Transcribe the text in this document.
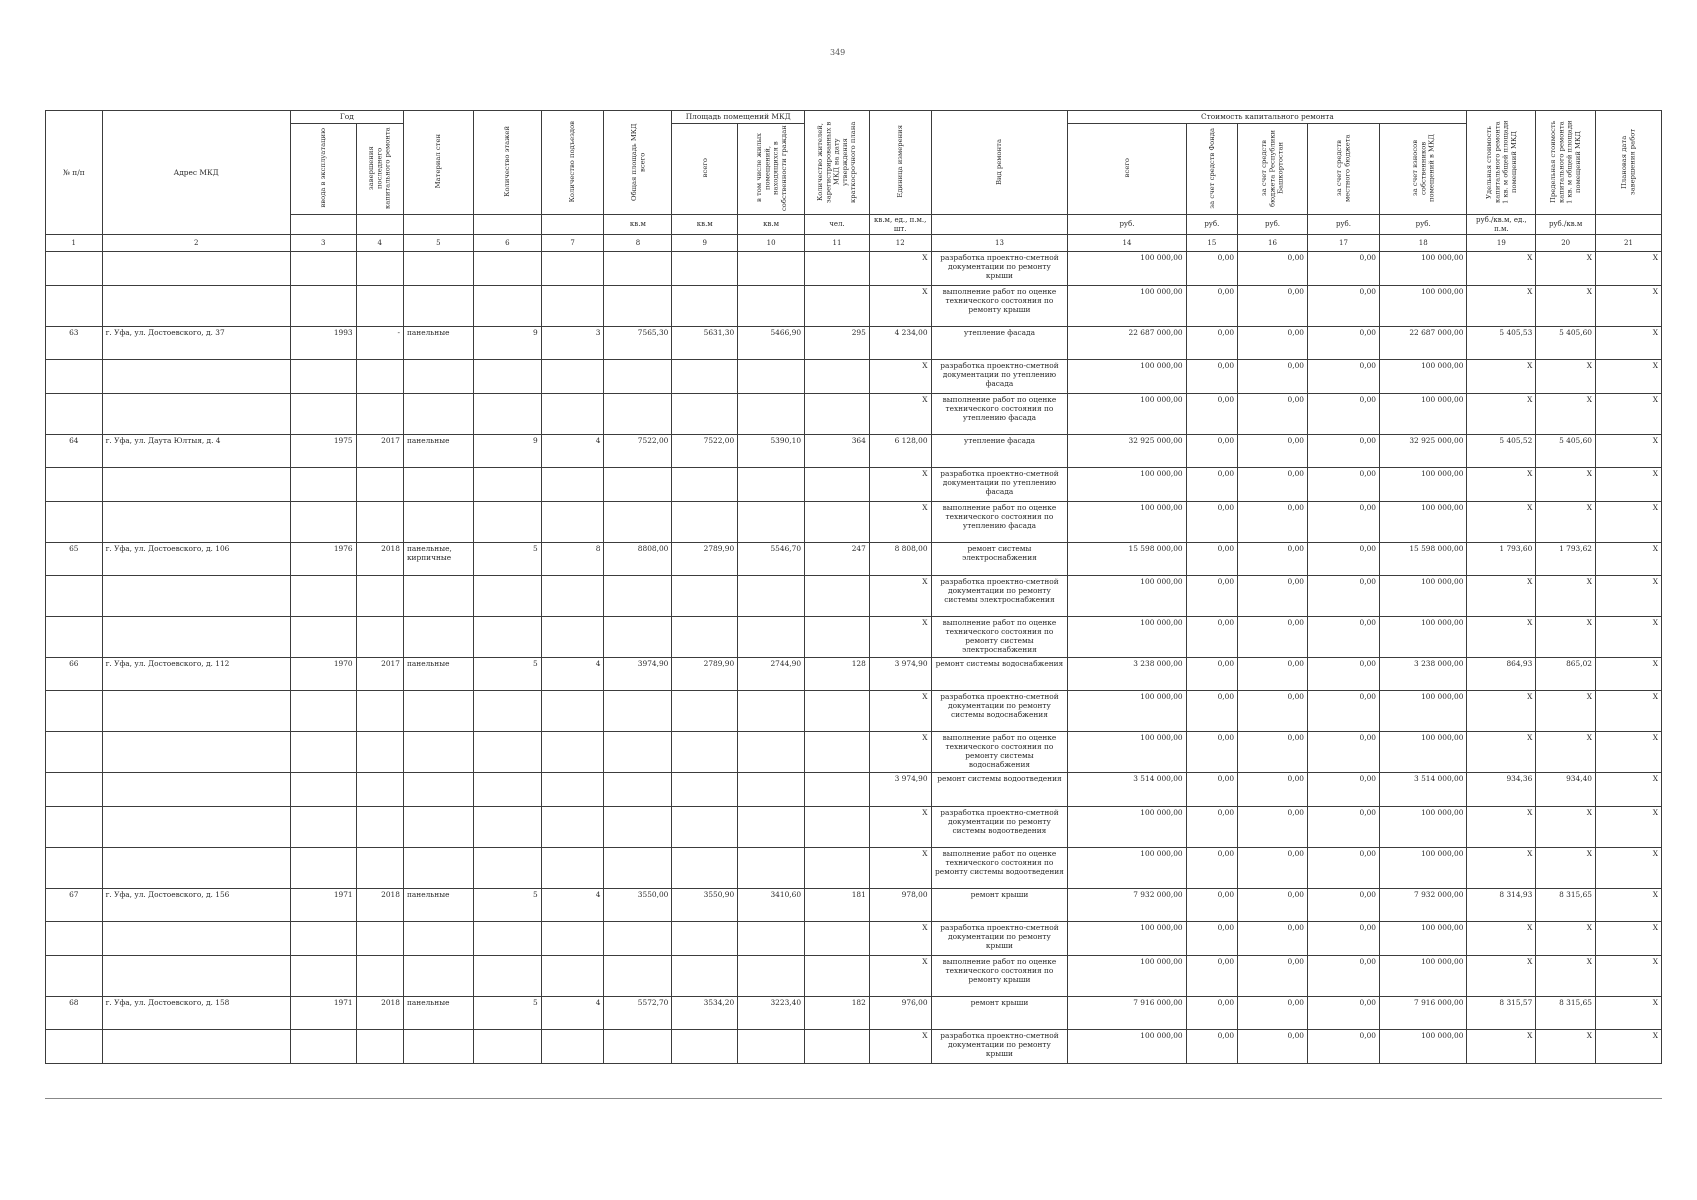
349
№ п/п	Адрес МКД	Год		Материал стен	Количество этажей	Количество подъездов	Общая площадь МКД всего	Площадь помещений МКД		Количество жителей, зарегистрированных в МКД на дату утверждения краткосрочного плана	Единица измерения	Вид ремонта	Стоимость капитального ремонта					Удельная стоимость капитального ремонта 1 кв. м общей площади помещений МКД	Предельная стоимость капитального ремонта 1 кв. м общей площади помещений МКД	Плановая дата завершения работ
		ввода в эксплуатацию	завершения последнего капитального ремонта					всего	в том числе жилых помещений, находящихся в собственности граждан				всего	за счет средств Фонда	за счет средств бюджета Республики Башкортостан	за счет средств местного бюджета	за счет взносов собственников помещений в МКД			
							кв.м	кв.м	кв.м	чел.	кв.м, ед., п.м., шт.		руб.	руб.	руб.	руб.	руб.	руб./кв.м, ед., п.м.	руб./кв.м	
1	2	3	4	5	6	7	8	9	10	11	12	13	14	15	16	17	18	19	20	21
											X	разработка проектно-сметной документации по ремонту крыши	100 000,00	0,00	0,00	0,00	100 000,00	X	X	X
											X	выполнение работ по оценке технического состояния по ремонту крыши	100 000,00	0,00	0,00	0,00	100 000,00	X	X	X
63	г. Уфа, ул. Достоевского, д. 37	1993	-	панельные	9	3	7565,30	5631,30	5466,90	295	4 234,00	утепление фасада	22 687 000,00	0,00	0,00	0,00	22 687 000,00	5 405,53	5 405,60	X
											X	разработка проектно-сметной документации по утеплению фасада	100 000,00	0,00	0,00	0,00	100 000,00	X	X	X
											X	выполнение работ по оценке технического состояния по утеплению фасада	100 000,00	0,00	0,00	0,00	100 000,00	X	X	X
64	г. Уфа, ул. Даута Юлтыя, д. 4	1975	2017	панельные	9	4	7522,00	7522,00	5390,10	364	6 128,00	утепление фасада	32 925 000,00	0,00	0,00	0,00	32 925 000,00	5 405,52	5 405,60	X
											X	разработка проектно-сметной документации по утеплению фасада	100 000,00	0,00	0,00	0,00	100 000,00	X	X	X
											X	выполнение работ по оценке технического состояния по утеплению фасада	100 000,00	0,00	0,00	0,00	100 000,00	X	X	X
65	г. Уфа, ул. Достоевского, д. 106	1976	2018	панельные, кирпичные	5	8	8808,00	2789,90	5546,70	247	8 808,00	ремонт системы электроснабжения	15 598 000,00	0,00	0,00	0,00	15 598 000,00	1 793,60	1 793,62	X
											X	разработка проектно-сметной документации по ремонту системы электроснабжения	100 000,00	0,00	0,00	0,00	100 000,00	X	X	X
											X	выполнение работ по оценке технического состояния по ремонту системы электроснабжения	100 000,00	0,00	0,00	0,00	100 000,00	X	X	X
66	г. Уфа, ул. Достоевского, д. 112	1970	2017	панельные	5	4	3974,90	2789,90	2744,90	128	3 974,90	ремонт системы водоснабжения	3 238 000,00	0,00	0,00	0,00	3 238 000,00	864,93	865,02	X
											X	разработка проектно-сметной документации по ремонту системы водоснабжения	100 000,00	0,00	0,00	0,00	100 000,00	X	X	X
											X	выполнение работ по оценке технического состояния по ремонту системы водоснабжения	100 000,00	0,00	0,00	0,00	100 000,00	X	X	X
											3 974,90	ремонт системы водоотведения	3 514 000,00	0,00	0,00	0,00	3 514 000,00	934,36	934,40	X
											X	разработка проектно-сметной документации по ремонту системы водоотведения	100 000,00	0,00	0,00	0,00	100 000,00	X	X	X
											X	выполнение работ по оценке технического состояния по ремонту системы водоотведения	100 000,00	0,00	0,00	0,00	100 000,00	X	X	X
67	г. Уфа, ул. Достоевского, д. 156	1971	2018	панельные	5	4	3550,00	3550,90	3410,60	181	978,00	ремонт крыши	7 932 000,00	0,00	0,00	0,00	7 932 000,00	8 314,93	8 315,65	X
											X	разработка проектно-сметной документации по ремонту крыши	100 000,00	0,00	0,00	0,00	100 000,00	X	X	X
											X	выполнение работ по оценке технического состояния по ремонту крыши	100 000,00	0,00	0,00	0,00	100 000,00	X	X	X
68	г. Уфа, ул. Достоевского, д. 158	1971	2018	панельные	5	4	5572,70	3534,20	3223,40	182	976,00	ремонт крыши	7 916 000,00	0,00	0,00	0,00	7 916 000,00	8 315,57	8 315,65	X
											X	разработка проектно-сметной документации по ремонту крыши	100 000,00	0,00	0,00	0,00	100 000,00	X	X	X
